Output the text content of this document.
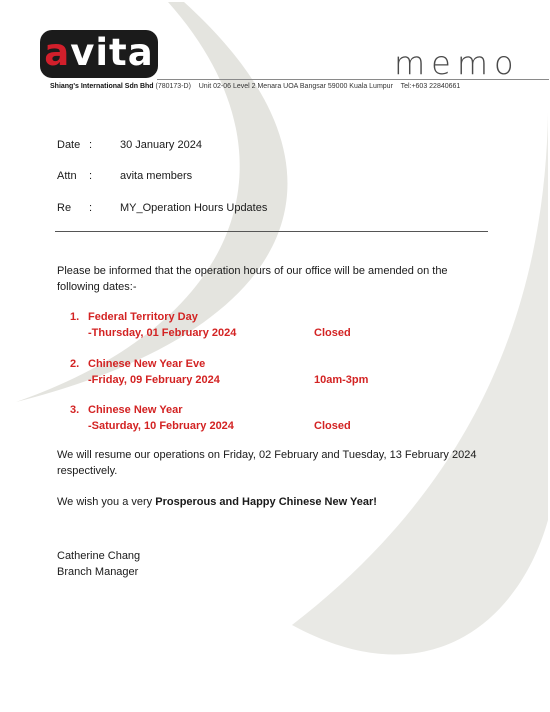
avita	memo
Shiang's International Sdn Bhd (780173-D) Unit 02-06 Level 2 Menara UOA Bangsar 59000 Kuala Lumpur Tel:+603 22840661
Date :	30 January 2024
Attn	:	avita members
Re	:	MY_Operation Hours Updates
Please be informed that the operation hours of our office will be amended on the following dates:-
1. Federal Territory Day
-Thursday, 01 February 2024	Closed
2. Chinese New Year Eve
-Friday, 09 February 2024	10am-3pm
3. Chinese New Year
-Saturday, 10 February 2024	Closed
We will resume our operations on Friday, 02 February and Tuesday, 13 February 2024 respectively.
We wish you a very Prosperous and Happy Chinese New Year!
Catherine Chang
Branch Manager
